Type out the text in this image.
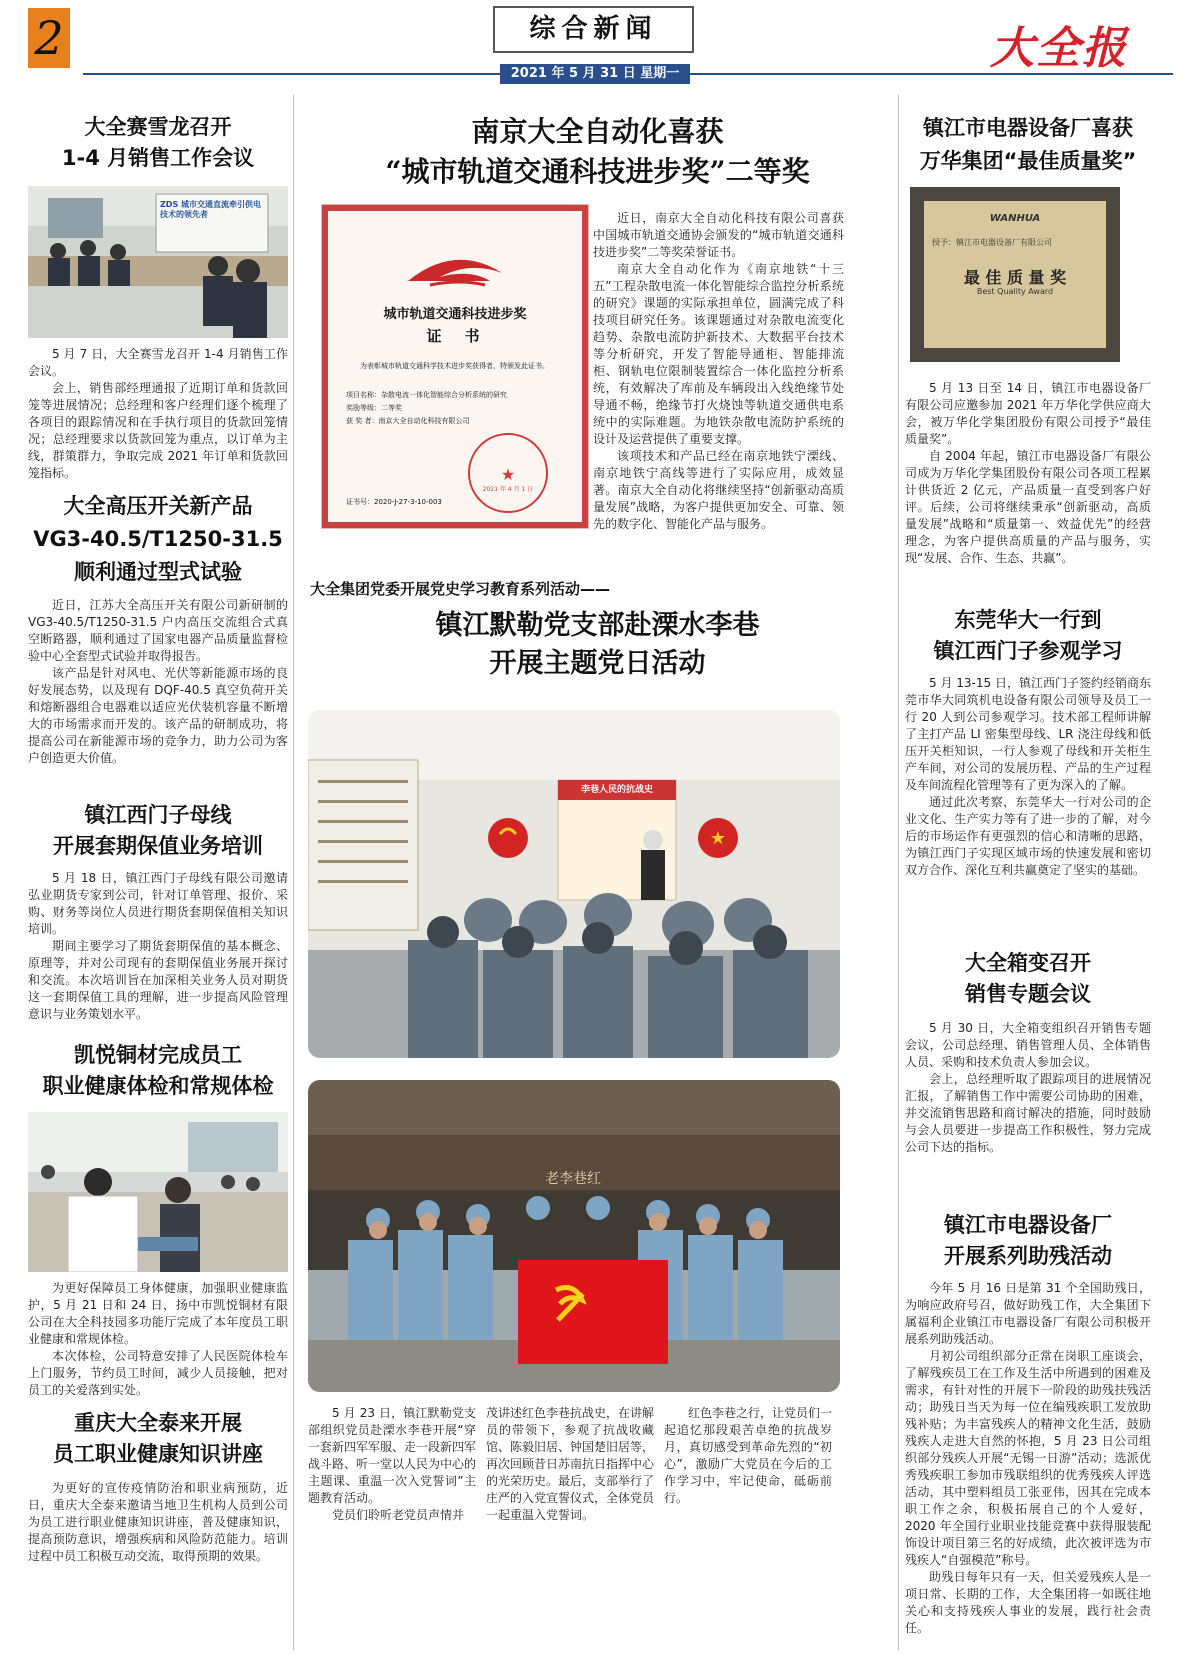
2	综合新闻
2021 年 5 月 31 日 星期一	大全报
大全赛雪龙召开
1-4 月销售工作会议
ZDS 城市交通直流牵引供电技术的领先者

5 月 7 日，大全赛雪龙召开 1-4 月销售工作会议。

会上，销售部经理通报了近期订单和货款回笼等进展情况；总经理和客户经理们逐个梳理了各项目的跟踪情况和在手执行项目的货款回笼情况；总经理要求以货款回笼为重点，以订单为主线，群策群力，争取完成 2021 年订单和货款回笼指标。

大全高压开关新产品
VG3-40.5/T1250-31.5
顺利通过型式试验

近日，江苏大全高压开关有限公司新研制的 VG3-40.5/T1250-31.5 户内高压交流组合式真空断路器，顺利通过了国家电器产品质量监督检验中心全套型式试验并取得报告。

该产品是针对风电、光伏等新能源市场的良好发展态势，以及现有 DQF-40.5 真空负荷开关和熔断器组合电器难以适应光伏装机容量不断增大的市场需求而开发的。该产品的研制成功，将提高公司在新能源市场的竞争力，助力公司为客户创造更大价值。

镇江西门子母线
开展套期保值业务培训

5 月 18 日，镇江西门子母线有限公司邀请弘业期货专家到公司，针对订单管理、报价、采购、财务等岗位人员进行期货套期保值相关知识培训。

期间主要学习了期货套期保值的基本概念、原理等，并对公司现有的套期保值业务展开探讨和交流。本次培训旨在加深相关业务人员对期货这一套期保值工具的理解，进一步提高风险管理意识与业务策划水平。

凯悦铜材完成员工
职业健康体检和常规体检

为更好保障员工身体健康，加强职业健康监护，5 月 21 日和 24 日，扬中市凯悦铜材有限公司在大全科技园多功能厅完成了本年度员工职业健康和常规体检。

本次体检，公司特意安排了人民医院体检车上门服务，节约员工时间，减少人员接触，把对员工的关爱落到实处。

重庆大全泰来开展
员工职业健康知识讲座

为更好的宣传疫情防治和职业病预防，近日，重庆大全泰来邀请当地卫生机构人员到公司为员工进行职业健康知识讲座，普及健康知识，提高预防意识，增强疾病和风险防范能力。培训过程中员工积极互动交流，取得预期的效果。

南京大全自动化喜获
“城市轨道交通科技进步奖”二等奖
城市轨道交通科技进步奖
证　书
为表彰城市轨道交通科学技术进步奖获得者，特颁发此证书。
项目名称：杂散电流一体化智能综合分析系统的研究
奖励等级：二等奖
获 奖 者：南京大全自动化科技有限公司
★
2021 年 4 月 1 日
证书号：2020-J-27-3-10-003

近日，南京大全自动化科技有限公司喜获中国城市轨道交通协会颁发的“城市轨道交通科技进步奖”二等奖荣誉证书。

南京大全自动化作为《南京地铁“十三五”工程杂散电流一体化智能综合监控分析系统的研究》课题的实际承担单位，圆满完成了科技项目研究任务。该课题通过对杂散电流变化趋势、杂散电流防护新技术、大数据平台技术等分析研究，开发了智能导通柜、智能排流柜、钢轨电位限制装置综合一体化监控分析系统，有效解决了库前及车辆段出入线绝缘节处导通不畅，绝缘节打火烧蚀等轨道交通供电系统中的实际难题。为地铁杂散电流防护系统的设计及运营提供了重要支撑。

该项技术和产品已经在南京地铁宁溧线、南京地铁宁高线等进行了实际应用，成效显著。南京大全自动化将继续坚持“创新驱动高质量发展”战略，为客户提供更加安全、可靠、领先的数字化、智能化产品与服务。

大全集团党委开展党史学习教育系列活动——
镇江默勒党支部赴溧水李巷
开展主题党日活动
★
李巷人民的抗战史
老李巷红

5 月 23 日，镇江默勒党支部组织党员赴溧水李巷开展“穿一套新四军军服、走一段新四军战斗路、听一堂以人民为中心的主题课、重温一次入党誓词”主题教育活动。

党员们聆听老党员声情并

茂讲述红色李巷抗战史，在讲解员的带领下，参观了抗战收藏馆、陈毅旧居、钟国楚旧居等，再次回顾昔日苏南抗日指挥中心的光荣历史。最后，支部举行了庄严的入党宣誓仪式，全体党员一起重温入党誓词。

红色李巷之行，让党员们一起追忆那段艰苦卓绝的抗战岁月，真切感受到革命先烈的“初心”，激励广大党员在今后的工作学习中，牢记使命，砥砺前行。

镇江市电器设备厂喜获
万华集团“最佳质量奖”
WANHUA
授予：镇江市电器设备厂有限公司
最 佳 质 量 奖
Best Quality Award

5 月 13 日至 14 日，镇江市电器设备厂有限公司应邀参加 2021 年万华化学供应商大会，被万华化学集团股份有限公司授予“最佳质量奖”。

自 2004 年起，镇江市电器设备厂有限公司成为万华化学集团股份有限公司各项工程累计供货近 2 亿元，产品质量一直受到客户好评。后续，公司将继续秉承“创新驱动，高质量发展”战略和“质量第一、效益优先”的经营理念，为客户提供高质量的产品与服务，实现“发展、合作、生态、共赢”。

东莞华大一行到
镇江西门子参观学习

5 月 13-15 日，镇江西门子签约经销商东莞市华大同筑机电设备有限公司领导及员工一行 20 人到公司参观学习。技术部工程师讲解了主打产品 LI 密集型母线、LR 浇注母线和低压开关柜知识，一行人参观了母线和开关柜生产车间，对公司的发展历程、产品的生产过程及车间流程化管理等有了更为深入的了解。

通过此次考察，东莞华大一行对公司的企业文化、生产实力等有了进一步的了解，对今后的市场运作有更强烈的信心和清晰的思路，为镇江西门子实现区域市场的快速发展和密切双方合作、深化互利共赢奠定了坚实的基础。

大全箱变召开
销售专题会议

5 月 30 日，大全箱变组织召开销售专题会议，公司总经理、销售管理人员、全体销售人员、采购和技术负责人参加会议。

会上，总经理听取了跟踪项目的进展情况汇报，了解销售工作中需要公司协助的困难，并交流销售思路和商讨解决的措施，同时鼓励与会人员要进一步提高工作积极性，努力完成公司下达的指标。

镇江市电器设备厂
开展系列助残活动

今年 5 月 16 日是第 31 个全国助残日，为响应政府号召，做好助残工作，大全集团下属福利企业镇江市电器设备厂有限公司积极开展系列助残活动。

月初公司组织部分正常在岗职工座谈会，了解残疾员工在工作及生活中所遇到的困难及需求，有针对性的开展下一阶段的助残扶残活动；助残日当天为每一位在编残疾职工发放助残补贴；为丰富残疾人的精神文化生活，鼓励残疾人走进大自然的怀抱，5 月 23 日公司组织部分残疾人开展“无锡一日游”活动；选派优秀残疾职工参加市残联组织的优秀残疾人评选活动，其中塑料组员工张亚伟，因其在完成本职工作之余，积极拓展自己的个人爱好，2020 年全国行业职业技能竞赛中获得服装配饰设计项目第三名的好成绩，此次被评选为市残疾人“自强模范”称号。

助残日每年只有一天，但关爱残疾人是一项日常、长期的工作，大全集团将一如既往地关心和支持残疾人事业的发展，践行社会责任。
